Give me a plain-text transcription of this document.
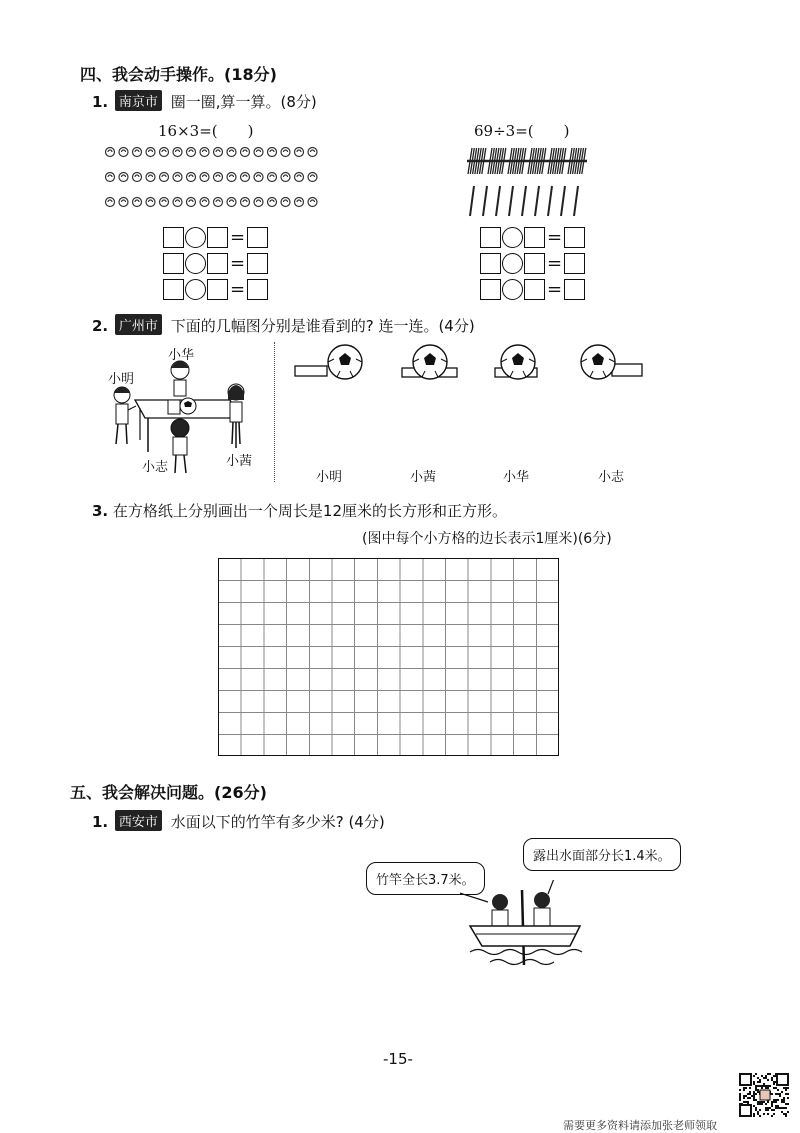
四、我会动手操作。(18分)
1. 南京市 圈一圈,算一算。(8分)
16×3=(　　)	69÷3=(　　)
=
=
=
=
=
=
2. 广州市 下面的几幅图分别是谁看到的? 连一连。(4分)
小华
小明
小志	小茜
小明	小茜	小华	小志
3. 在方格纸上分别画出一个周长是12厘米的长方形和正方形。
(图中每个小方格的边长表示1厘米)(6分)
五、我会解决问题。(26分)
1. 西安市 水面以下的竹竿有多少米? (4分)
竹竿全长3.7米。
露出水面部分长1.4米。
-15-
需要更多资料请添加张老师领取
